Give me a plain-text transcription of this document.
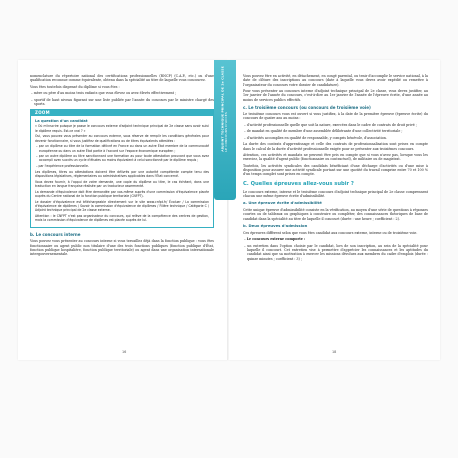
nomenclature du répertoire national des certifications professionnelles (RNCP) (C.A.P., etc.) ou d'une qualification reconnue comme équivalente, obtenu dans la spécialité au titre de laquelle vous concourez.

Vous êtes toutefois dispensé du diplôme si vous êtes :

– mère ou père d'au moins trois enfants que vous élevez ou avez élevés effectivement ;

– sportif de haut niveau figurant sur une liste publiée par l'année du concours par le ministre chargé des sports.

ZOOM
La question d'un candidat

« Où m'inscrire puisque je passe le concours externe d'adjoint technique principal de 2e classe sans avoir suivi le diplôme requis. Est-ce vrai ? »

Oui, vous pouvez vous présenter au concours externe, sous réserve de remplir les conditions générales pour devenir fonctionnaire, si vous justifiez de qualifications ou de titres équivalents attestées :

– par un diplôme ou titre de la formation délivré en France ou dans un autre État membre de la communauté européenne ou dans un autre État partie à l'accord sur l'espace économique européen ;

– par un autre diplôme ou titre sanctionnant une formation au pour toute attestation prouvant que vous avez accompli avec succès un cycle d'études au moins équivalent à celui sanctionné par le diplôme requis ;

– par l'expérience professionnelle.

Les diplômes, titres ou attestations doivent être délivrés par une autorité compétente compte tenu des dispositions législatives, réglementaires ou administratives applicables dans l'État concerné.

Vous devez fournir, à l'appui de votre demande, une copie du diplôme ou titre, le cas échéant, dans une traduction en langue française réalisée par un traducteur assermenté.

La demande d'équivalence doit être demandée par vos-même auprès d'une commission d'équivalence placée auprès du Centre national de la fonction publique territoriale (CNFPT).

Le dossier d'équivalence est téléchargeable directement sur le site www.cnfpt.fr/ Évoluer / La commission d'équivalence de diplômes / Savoir la commission d'équivalence de diplômes / Filière technique / Catégorie C / Adjoint technique principal de 2e classe externe.

Attention : le CNFPT n'est pas organisateur du concours, qui relève de la compétence des centres de gestion, mais la commission d'équivalence de diplômes est placée auprès de lui.

b. Le concours interne

Vous pouvez vous présenter au concours interne si vous travaillez déjà dans la fonction publique : vous êtes fonctionnaire ou agent public non titulaire d'une des trois fonctions publiques (fonction publique d'État, fonction publique hospitalière, fonction publique territoriale) ou agent dans une organisation internationale intergouvernementale.

16

Vous pouvez être en activité, en détachement, en congé parental, ou tenir d'accomplir le service national, à la date de clôture des inscriptions au concours (date à laquelle vous devez avoir expédié ou remettre à l'organisateur du concours votre dossier de candidature).

Pour vous présenter au concours interne d'adjoint technique principal de 2e classe, vous devez justifier, au 1er janvier de l'année du concours, c'est-à-dire au 1er janvier de l'année de l'épreuve écrite, d'une année au moins de services publics effectifs.

c. Le troisième concours (ou concours de troisième voie)

Le troisième concours vous est ouvert si vous justifiez, à la date de la première épreuve (épreuve écrite) du concours de quatre ans au moins :

– d'activité professionnelle quelle que soit la nature, exercées dans le cadre de contrats de droit privé ;

– de mandat en qualité de membre d'une assemblée délibérante d'une collectivité territoriale ;

– d'activités accomplies en qualité de responsable, y compris bénévole, d'association.

La durée des contrats d'apprentissage et celle des contrats de professionnalisation sont prises en compte dans le calcul de la durée d'activité professionnelle exigée pour se présenter aux troisièmes concours.

Attention, ces activités et mandats ne peuvent être pris en compte que si vous n'avez pas, lorsque vous les exerciez, la qualité d'agent public (fonctionnaire ou contractuel), de militaire ou de magistrat.

Toutefois, les activités syndicales des candidats bénéficiant d'une décharge d'activités ou d'une mise à disposition pour assurer une activité syndicale portant sur une quotité du travail comprise entre 70 et 100 % d'un temps complet sont prises en compte.

C. Quelles épreuves allez-vous subir ?

Le concours externe, interne et le troisième concours d'adjoint technique principal de 2e classe comprennent chacun une même épreuve écrite d'admissibilité.

a. Une épreuve écrite d'admissibilité

Cette unique épreuve d'admissibilité consiste en la vérification, au moyen d'une série de questions à réponses courtes ou de tableaux ou graphiques à construire ou compléter, des connaissances théoriques de base de candidat dans la spécialité au titre de laquelle il concourt (durée : une heure ; coefficient : 2).

b. Deux épreuves d'admission

Ces épreuves diffèrent selon que vous êtes candidat aux concours externe, interne ou de troisième voie.

– Le concours externe comporte :

– un entretien dans l'option choisie par le candidat, lors de son inscription, au sein de la spécialité pour laquelle il concourt. Cet entretien vise à permettre d'apprécier les connaissances et les aptitudes du candidat ainsi que sa motivation à exercer les missions dévolues aux membres du cadre d'emplois (durée : quinze minutes ; coefficient : 3) ;

18
ADJOINT TECHNIQUE PRINCIPAL DE 2e CLASSE
LE CONCOURS D'ACCÈS
